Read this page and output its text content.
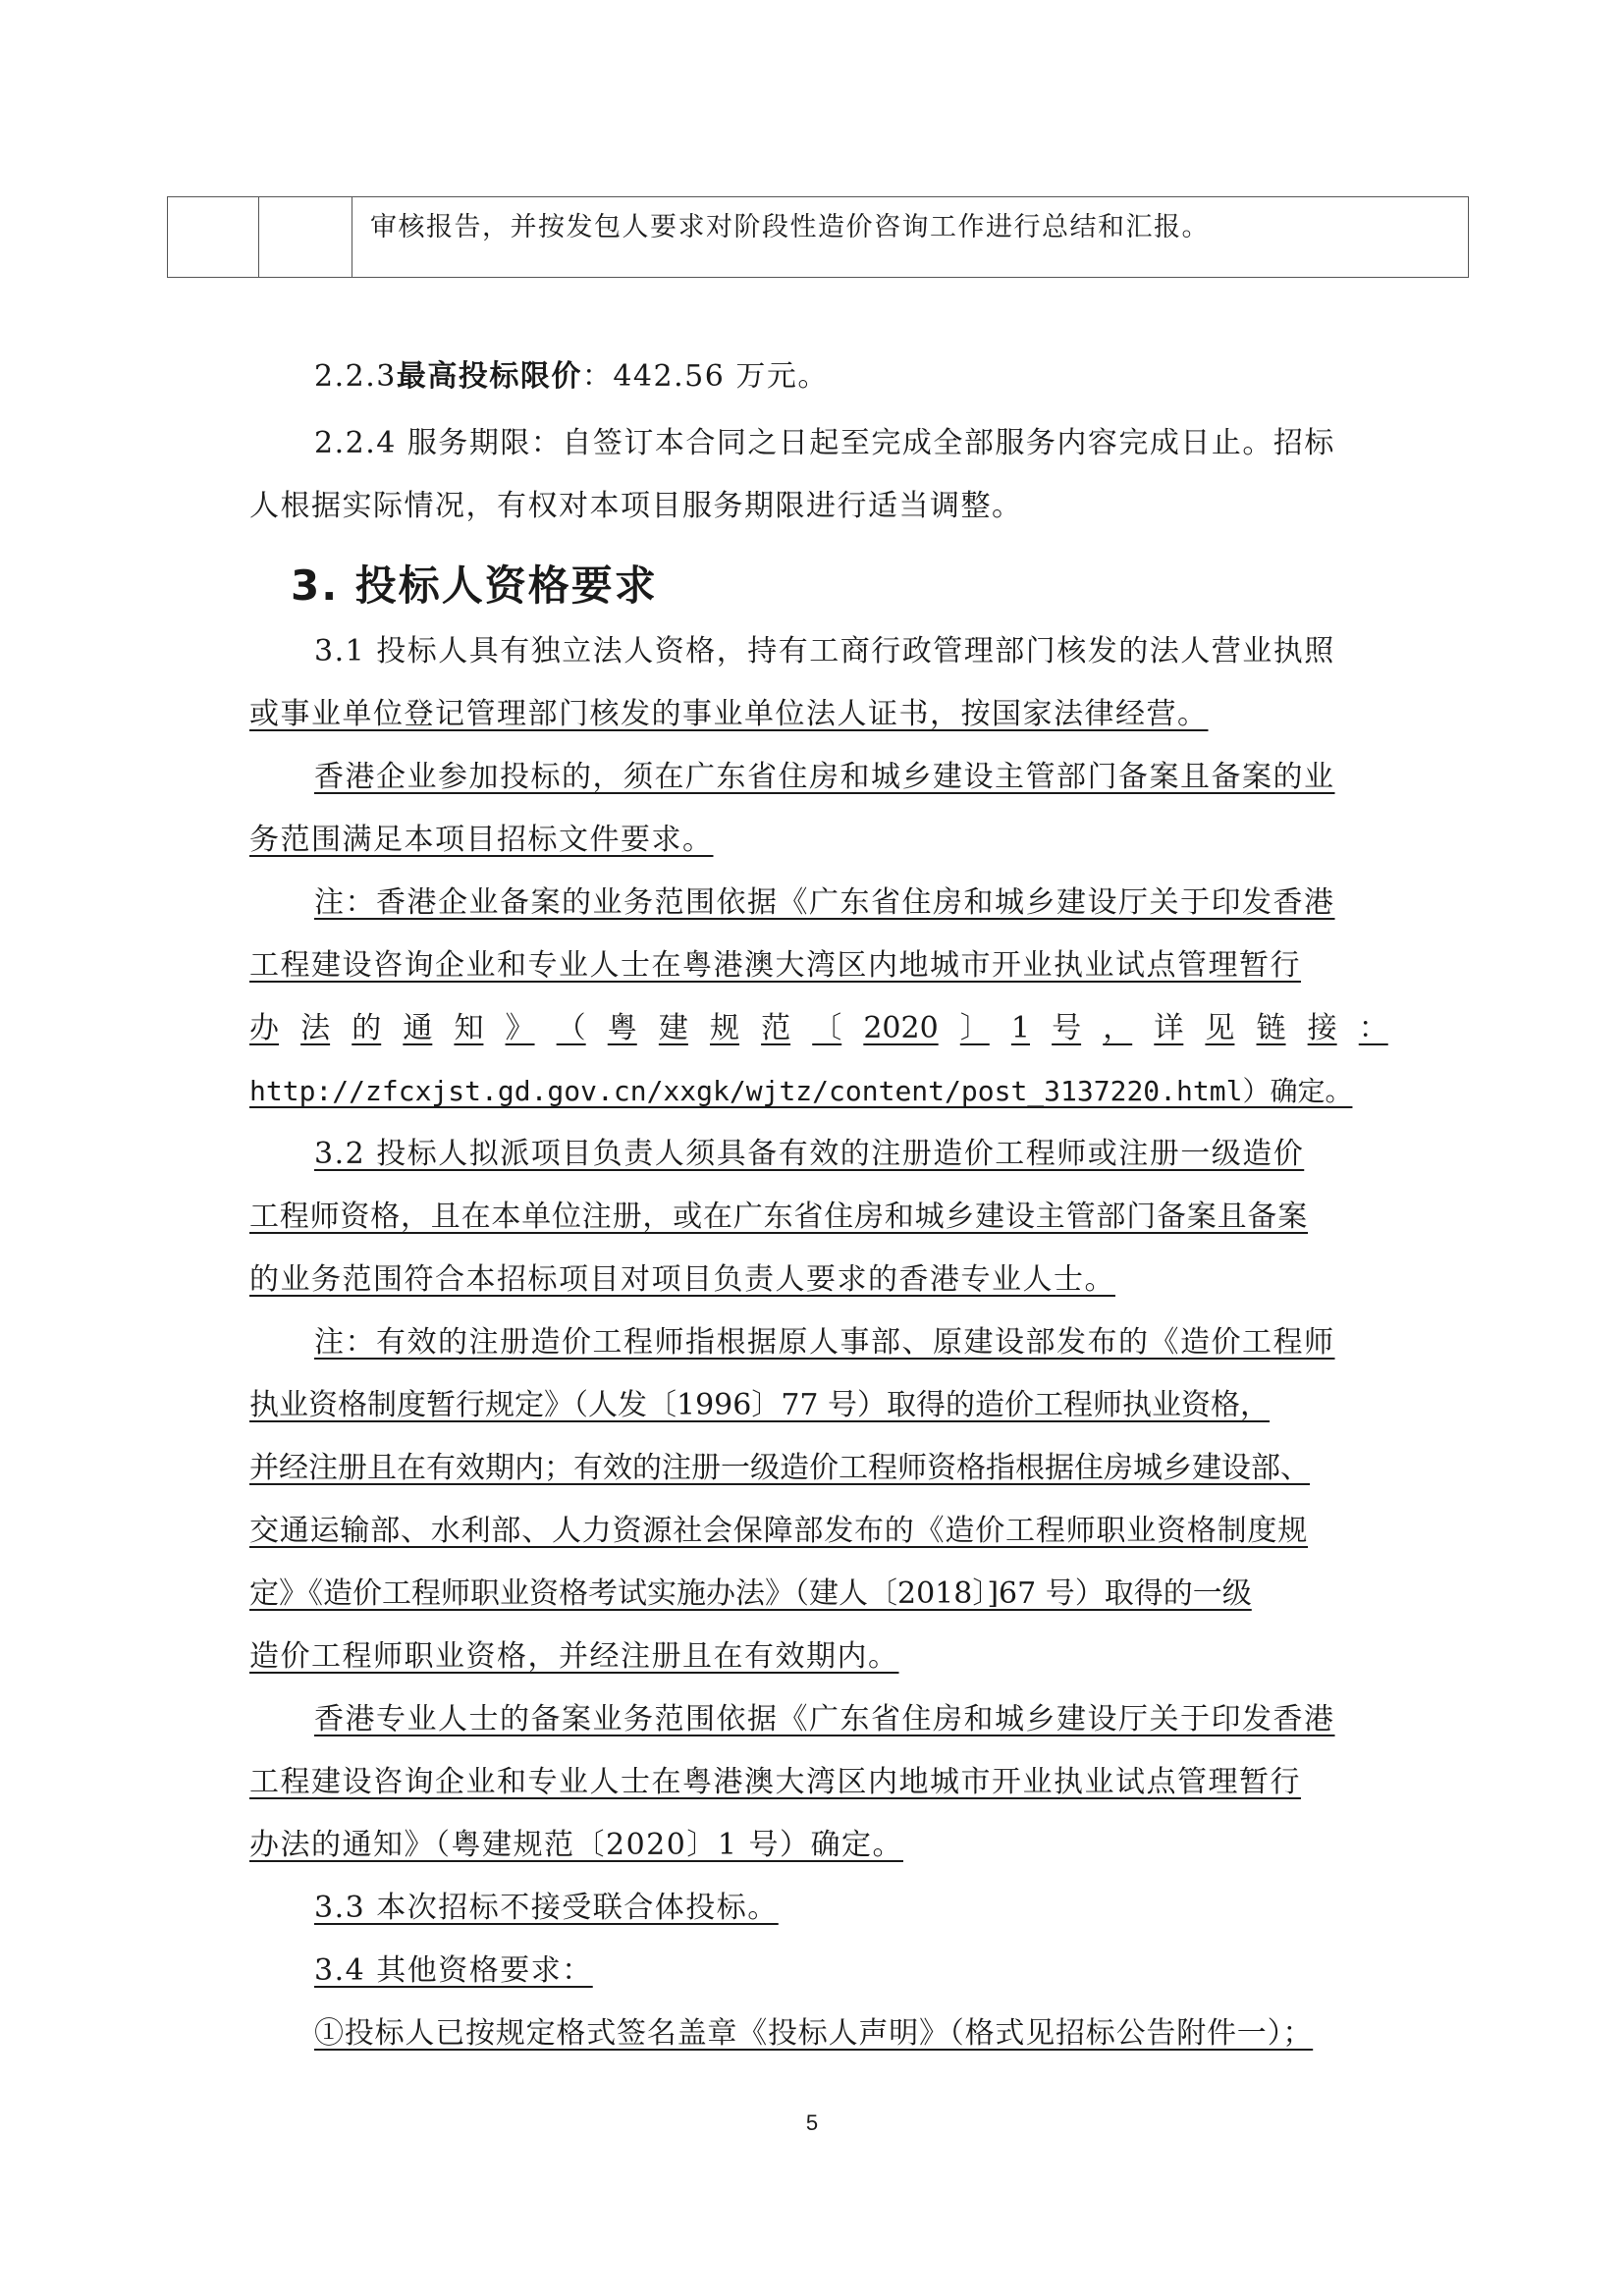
审核报告，并按发包人要求对阶段性造价咨询工作进行总结和汇报。
2.2.3最高投标限价：442.56 万元。
2.2.4 服务期限：自签订本合同之日起至完成全部服务内容完成日止。招标
人根据实际情况，有权对本项目服务期限进行适当调整。
3. 投标人资格要求
3.1 投标人具有独立法人资格，持有工商行政管理部门核发的法人营业执照
或事业单位登记管理部门核发的事业单位法人证书，按国家法律经营。
香港企业参加投标的，须在广东省住房和城乡建设主管部门备案且备案的业
务范围满足本项目招标文件要求。
注：香港企业备案的业务范围依据《广东省住房和城乡建设厅关于印发香港
工程建设咨询企业和专业人士在粤港澳大湾区内地城市开业执业试点管理暂行
办 法 的 通 知 》 （ 粤 建 规 范 〔 2020 〕 1 号 ， 详 见 链 接 ：
http://zfcxjst.gd.gov.cn/xxgk/wjtz/content/post_3137220.html）确定。
3.2 投标人拟派项目负责人须具备有效的注册造价工程师或注册一级造价
工程师资格，且在本单位注册，或在广东省住房和城乡建设主管部门备案且备案
的业务范围符合本招标项目对项目负责人要求的香港专业人士。
注：有效的注册造价工程师指根据原人事部、原建设部发布的《造价工程师
执业资格制度暂行规定》（人发〔1996〕77 号）取得的造价工程师执业资格，
并经注册且在有效期内；有效的注册一级造价工程师资格指根据住房城乡建设部、
交通运输部、水利部、人力资源社会保障部发布的《造价工程师职业资格制度规
定》《造价工程师职业资格考试实施办法》（建人〔2018〕]67 号）取得的一级
造价工程师职业资格，并经注册且在有效期内。
香港专业人士的备案业务范围依据《广东省住房和城乡建设厅关于印发香港
工程建设咨询企业和专业人士在粤港澳大湾区内地城市开业执业试点管理暂行
办法的通知》（粤建规范〔2020〕1 号）确定。
3.3 本次招标不接受联合体投标。
3.4 其他资格要求：
①投标人已按规定格式签名盖章《投标人声明》（格式见招标公告附件一）；
5
